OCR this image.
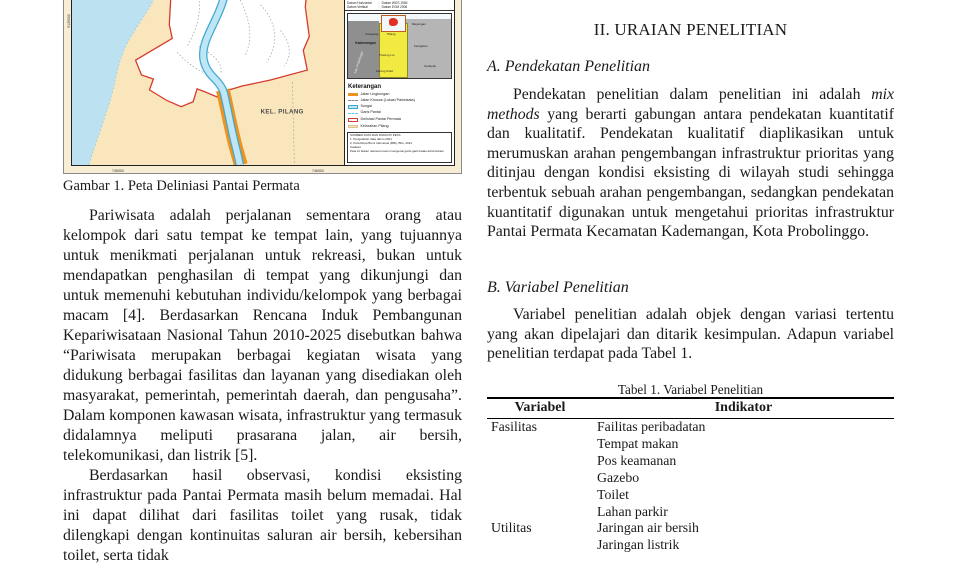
9139000
745000	746000
KEL. PILANG
Datum Horizontal	: Datum WGS 1984
Datum Vertikal	: Datum EGM 2008
Mayangan
Kanigaran
Kedopok
Kademangan
Ketapang	Pilang
Triwung Lor
Kareng Kidul
Kab. Probolinggo
Keterangan
Jalan Lingkungan
Jalan Khusus (Lokasi Pariwisata)
Sungai
Garis Pantai
Deliniasi Pantai Permata
Kelurahan Pilang
SUMBER DATA DAN RIWAYAT PETA:
1. Pengolahan data tahun 2021
2. Peta Rupa Bumi Indonesia (RBI), BIG, 2021
Catatan:
Peta ini bukan referensi resmi mengenai garis-garis batas administrasi
Gambar 1. Peta Deliniasi Pantai Permata

Pariwisata adalah perjalanan sementara orang atau kelompok dari satu tempat ke tempat lain, yang tujuannya untuk menikmati perjalanan untuk rekreasi, bukan untuk mendapatkan penghasilan di tempat yang dikunjungi dan untuk memenuhi kebutuhan individu/kelompok yang berbagai macam [4]. Berdasarkan Rencana Induk Pembangunan Kepariwisataan Nasional Tahun 2010-2025 disebutkan bahwa “Pariwisata merupakan berbagai kegiatan wisata yang didukung berbagai fasilitas dan layanan yang disediakan oleh masyarakat, pemerintah, pemerintah daerah, dan pengusaha”. Dalam komponen kawasan wisata, infrastruktur yang termasuk didalamnya meliputi prasarana jalan, air bersih, telekomunikasi, dan listrik [5].

Berdasarkan hasil observasi, kondisi eksisting infrastruktur pada Pantai Permata masih belum memadai. Hal ini dapat dilihat dari fasilitas toilet yang rusak, tidak dilengkapi dengan kontinuitas saluran air bersih, kebersihan toilet, serta tidak

II. URAIAN PENELITIAN
A. Pendekatan Penelitian

Pendekatan penelitian dalam penelitian ini adalah mix methods yang berarti gabungan antara pendekatan kuantitatif dan kualitatif. Pendekatan kualitatif diaplikasikan untuk merumuskan arahan pengembangan infrastruktur prioritas yang ditinjau dengan kondisi eksisting di wilayah studi sehingga terbentuk sebuah arahan pengembangan, sedangkan pendekatan kuantitatif digunakan untuk mengetahui prioritas infrastruktur Pantai Permata Kecamatan Kademangan, Kota Probolinggo.

B. Variabel Penelitian

Variabel penelitian adalah objek dengan variasi tertentu yang akan dipelajari dan ditarik kesimpulan. Adapun variabel penelitian terdapat pada Tabel 1.

Tabel 1. Variabel Penelitian
Variabel	Indikator
Fasilitas	Failitas peribadatan
	Tempat makan
	Pos keamanan
	Gazebo
	Toilet
	Lahan parkir
Utilitas	Jaringan air bersih
	Jaringan listrik
